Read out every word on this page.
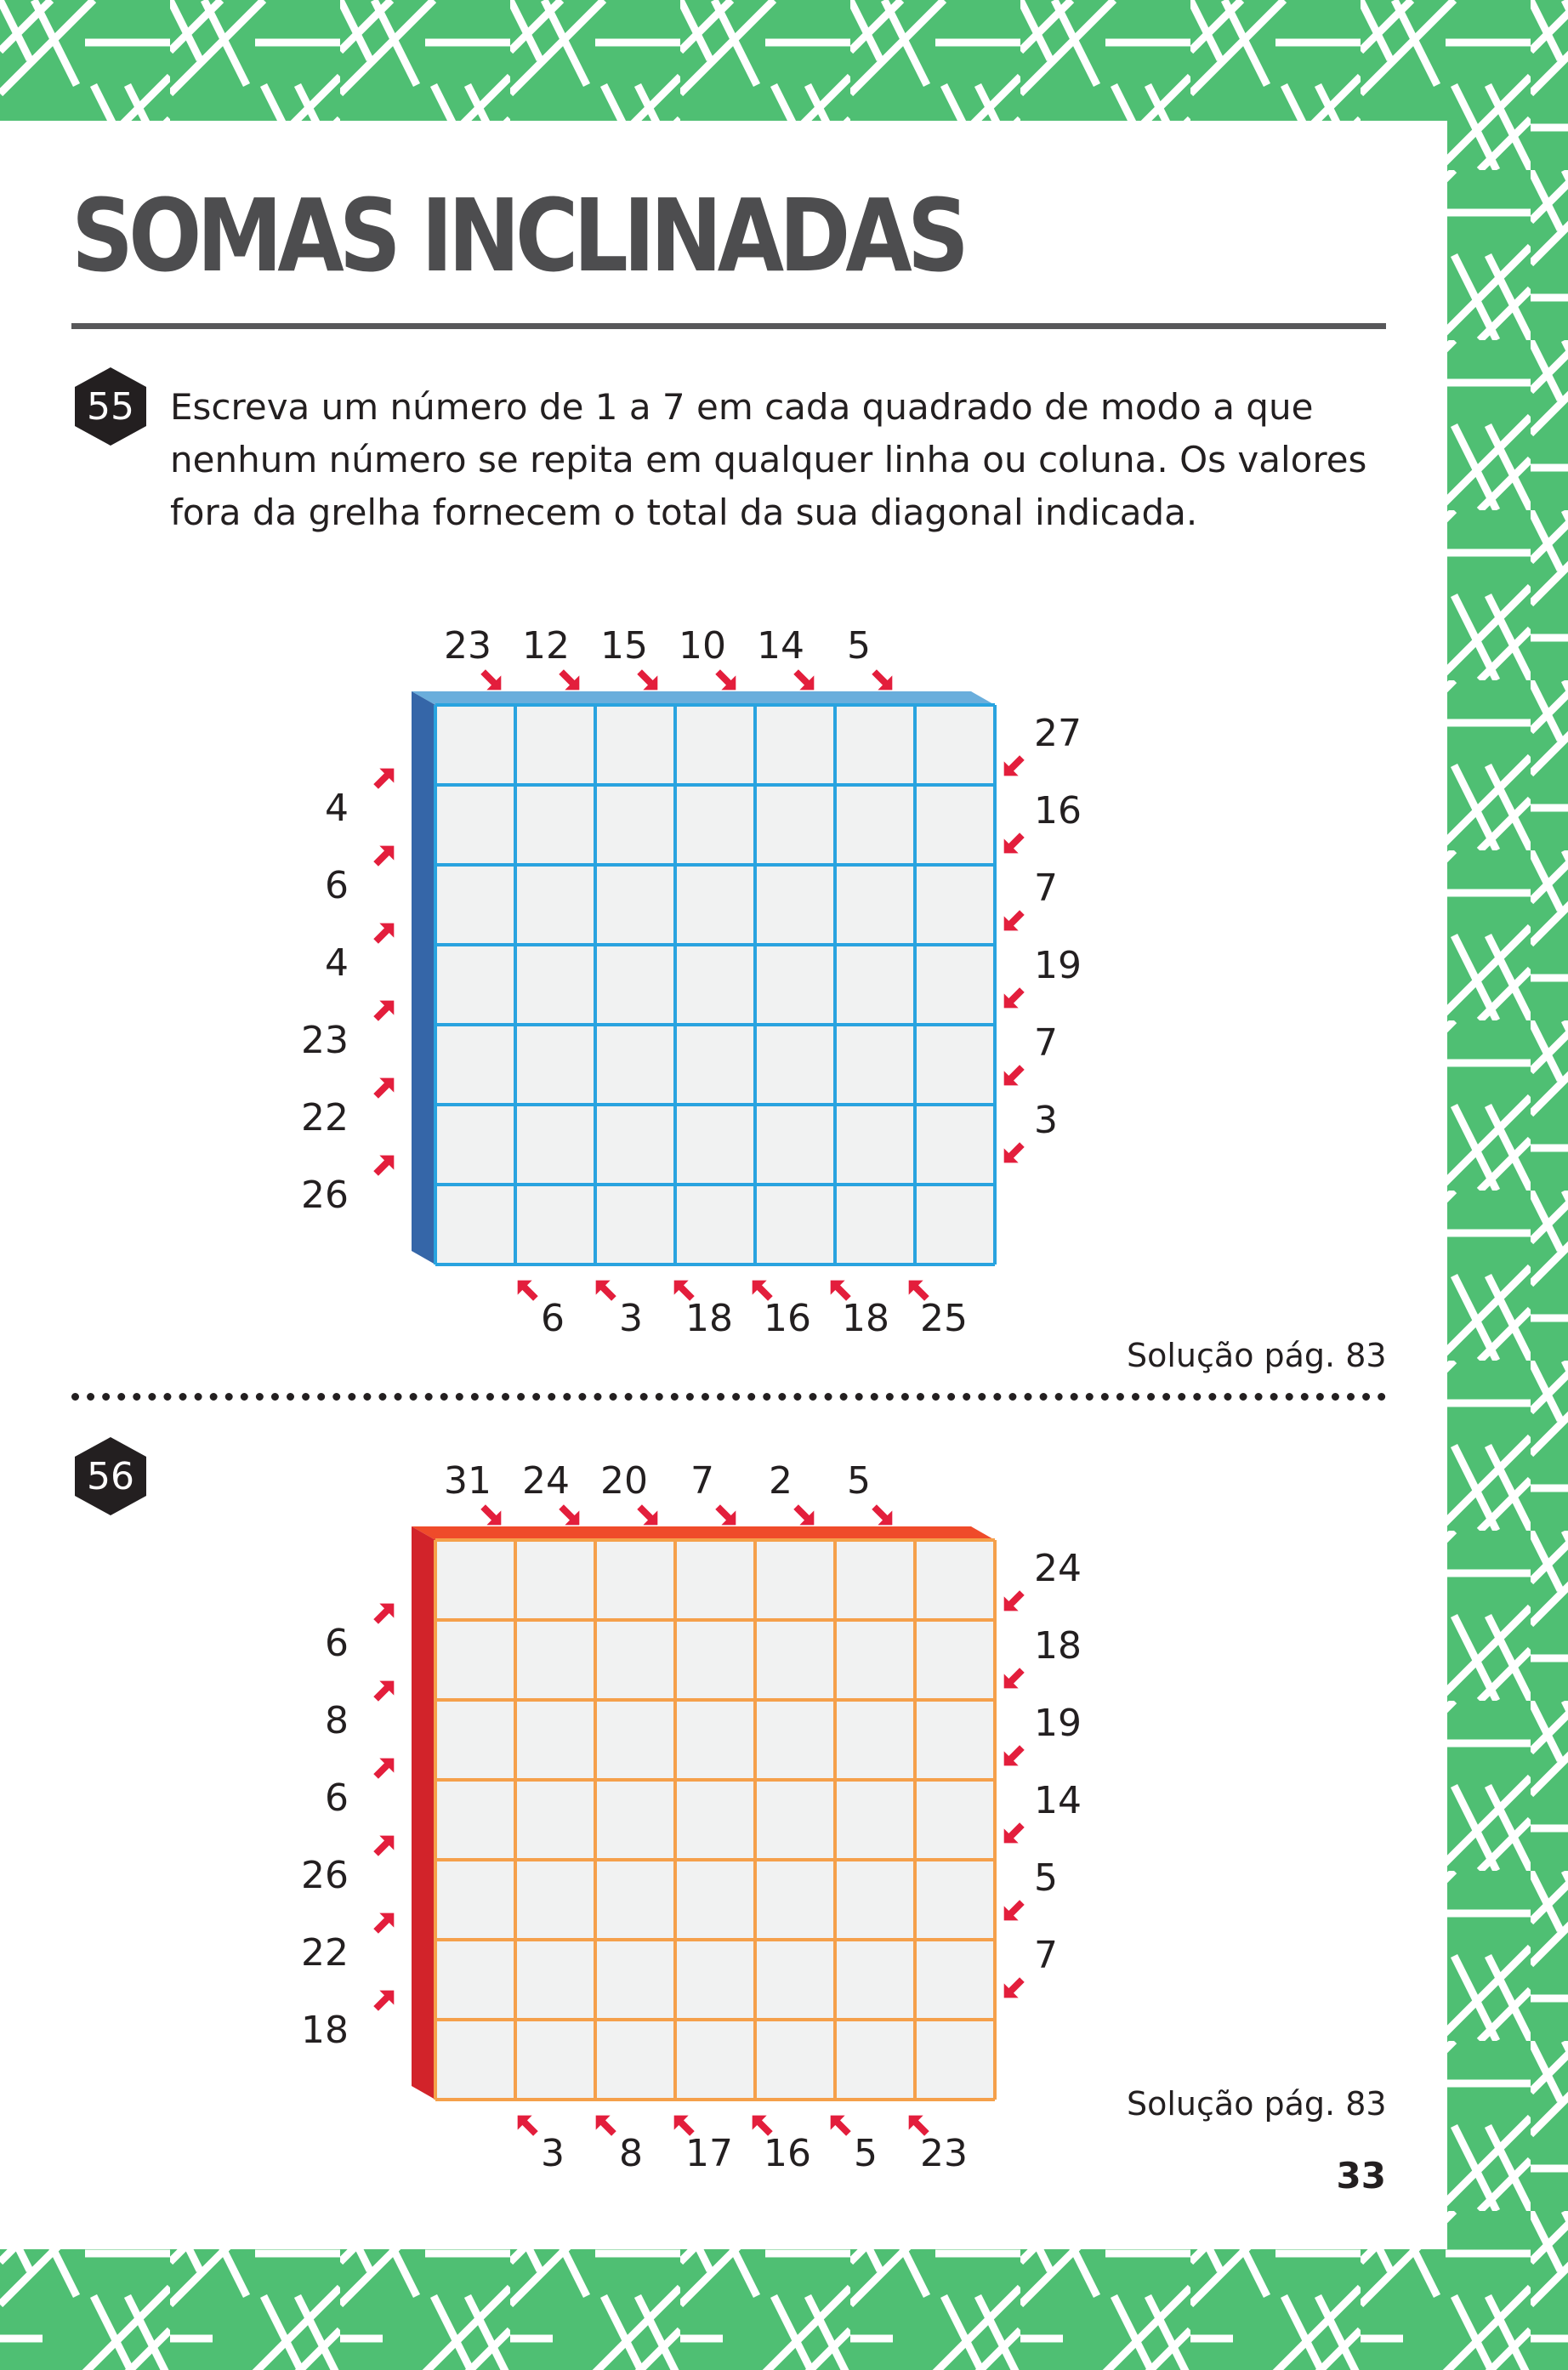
SOMAS INCLINADAS
55	Escreva um número de 1 a 7 em cada quadrado de modo a que
nenhum número se repita em qualquer linha ou coluna. Os valores
fora da grelha fornecem o total da sua diagonal indicada.
23 12 15 10 14 5
4
6
4
23
22
26
27
16
7
19
7
3
6 3 18 16 18 25
Solução pág. 83
56	31 24 20 7 2 5
6
8
6
26
22
18
24
18
19
14
5
7
3 8 17 16 5 23
Solução pág. 83
33
